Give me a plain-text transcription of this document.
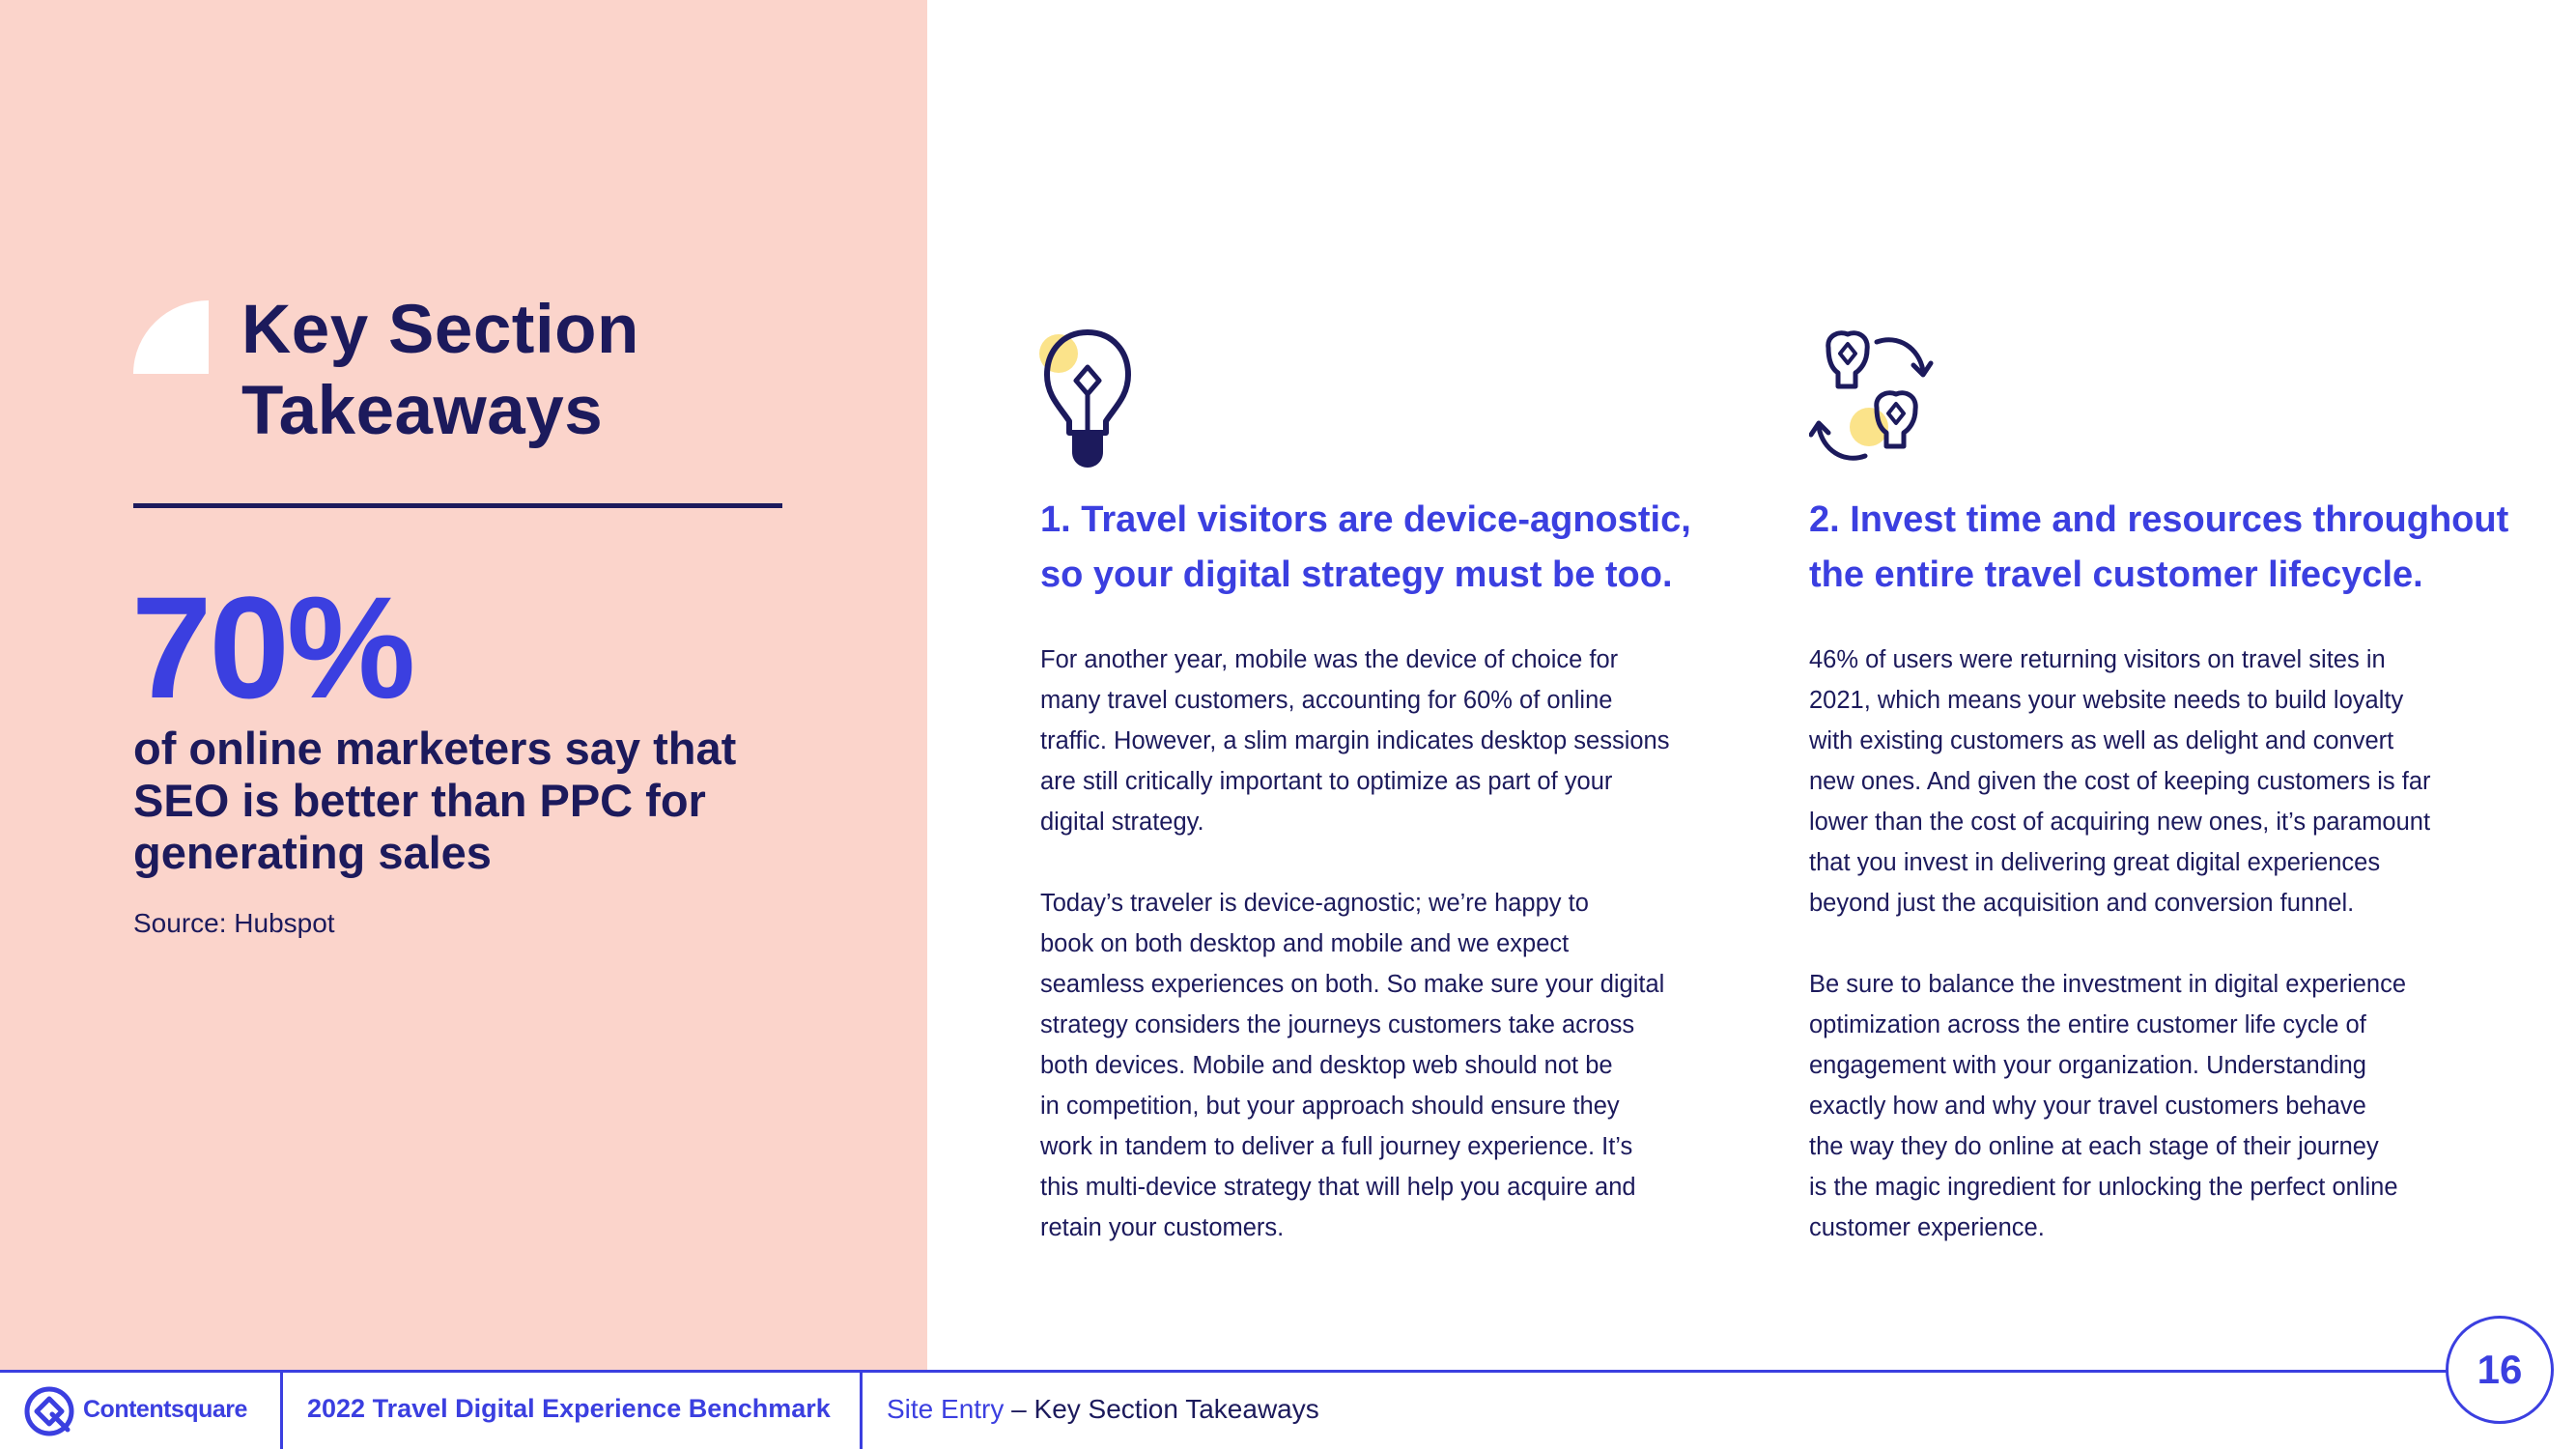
Key Section
Takeaways
70%
of online marketers say that
SEO is better than PPC for
generating sales
Source: Hubspot
1. Travel visitors are device-agnostic,
so your digital strategy must be too.

For another year, mobile was the device of choice for
many travel customers, accounting for 60% of online
traffic. However, a slim margin indicates desktop sessions
are still critically important to optimize as part of your
digital strategy.

Today’s traveler is device-agnostic; we’re happy to
book on both desktop and mobile and we expect
seamless experiences on both. So make sure your digital
strategy considers the journeys customers take across
both devices. Mobile and desktop web should not be
in competition, but your approach should ensure they
work in tandem to deliver a full journey experience. It’s
this multi-device strategy that will help you acquire and
retain your customers.

2. Invest time and resources throughout
the entire travel customer lifecycle.

46% of users were returning visitors on travel sites in
2021, which means your website needs to build loyalty
with existing customers as well as delight and convert
new ones. And given the cost of keeping customers is far
lower than the cost of acquiring new ones, it’s paramount
that you invest in delivering great digital experiences
beyond just the acquisition and conversion funnel.

Be sure to balance the investment in digital experience
optimization across the entire customer life cycle of
engagement with your organization. Understanding
exactly how and why your travel customers behave
the way they do online at each stage of their journey
is the magic ingredient for unlocking the perfect online
customer experience.

Contentsquare 2022 Travel Digital Experience Benchmark Site Entry – Key Section Takeaways
16
